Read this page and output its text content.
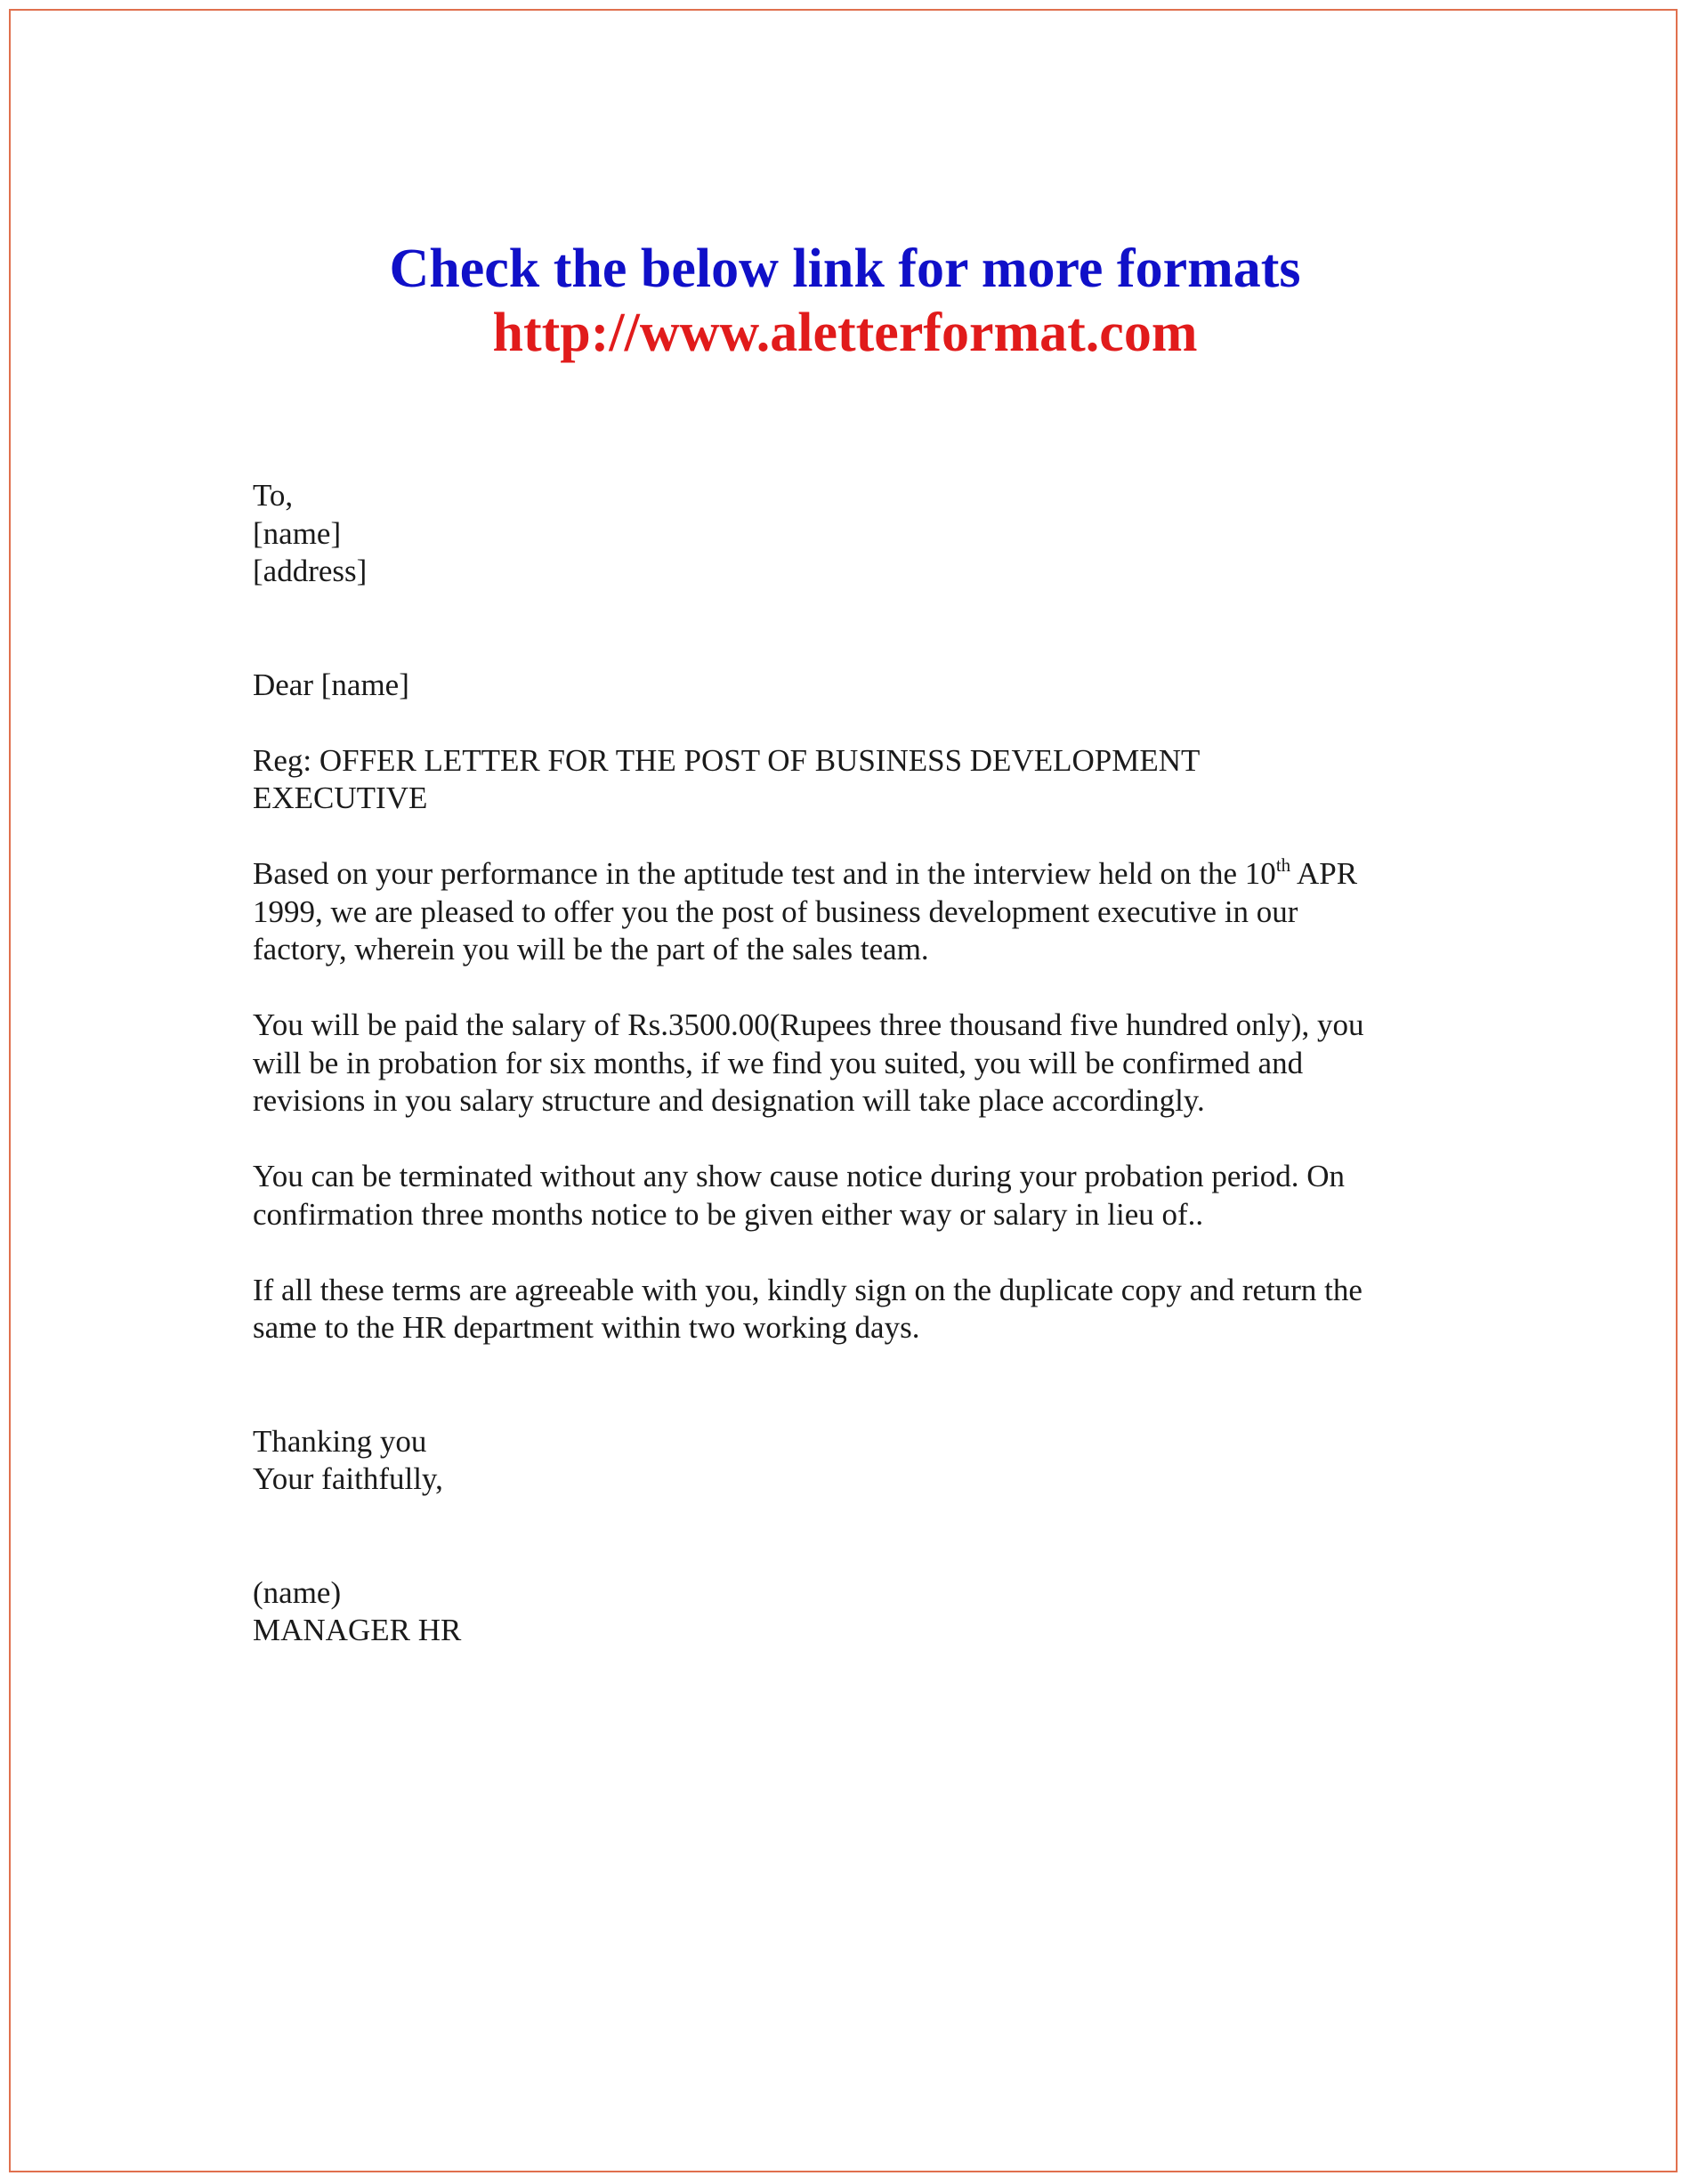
Check the below link for more formats
http://www.aletterformat.com
To,
[name]
[address]
Dear [name]
Reg: OFFER LETTER FOR THE POST OF BUSINESS DEVELOPMENT
EXECUTIVE
Based on your performance in the aptitude test and in the interview held on the 10th APR
1999, we are pleased to offer you the post of business development executive in our
factory, wherein you will be the part of the sales team.
You will be paid the salary of Rs.3500.00(Rupees three thousand five hundred only), you
will be in probation for six months, if we find you suited, you will be confirmed and
revisions in you salary structure and designation will take place accordingly.
You can be terminated without any show cause notice during your probation period. On
confirmation three months notice to be given either way or salary in lieu of..
If all these terms are agreeable with you, kindly sign on the duplicate copy and return the
same to the HR department within two working days.
Thanking you
Your faithfully,
(name)
MANAGER HR
